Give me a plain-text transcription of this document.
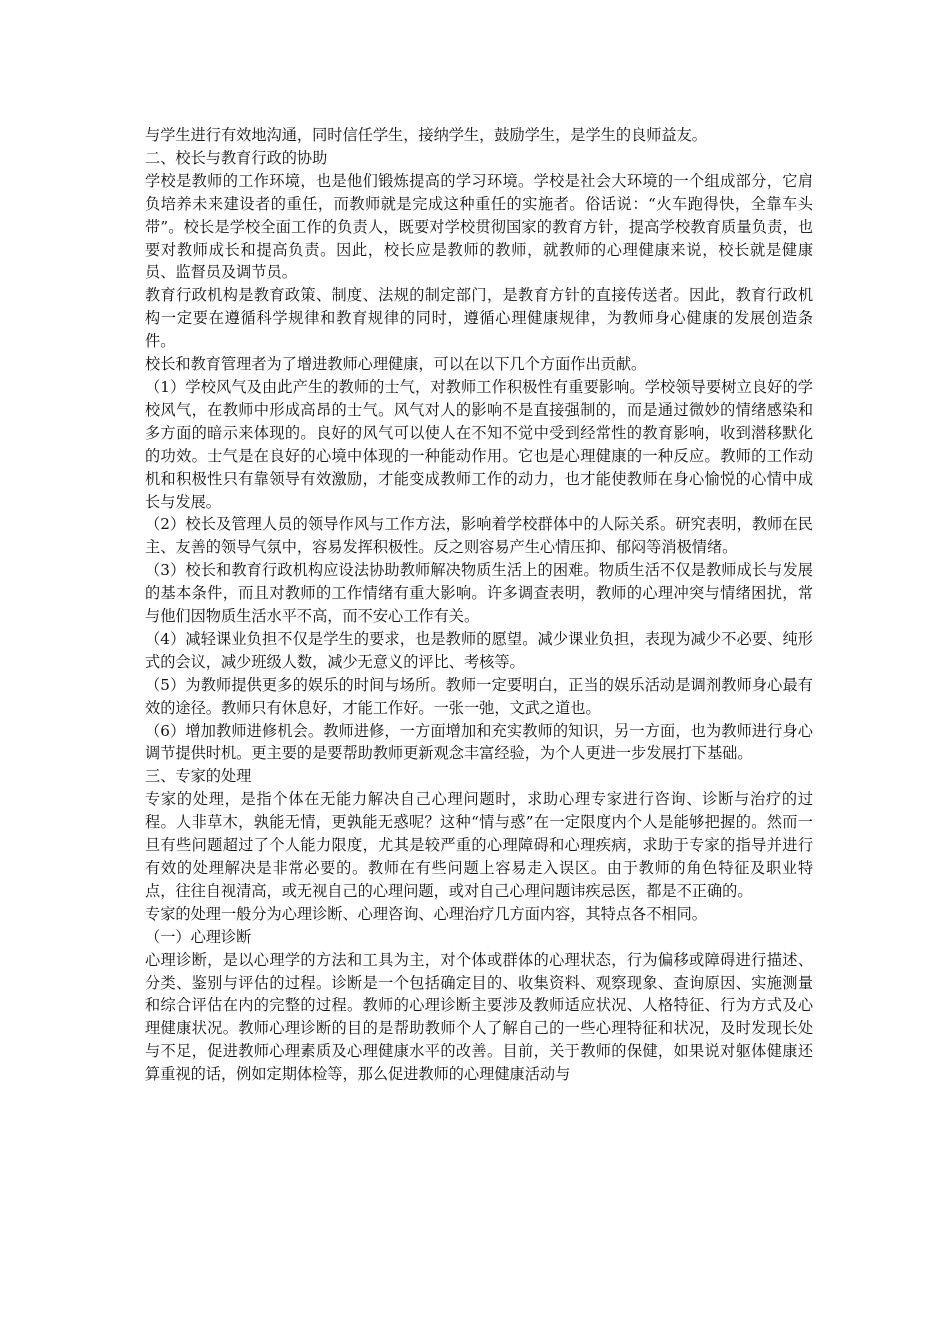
与学生进行有效地沟通，同时信任学生，接纳学生，鼓励学生，是学生的良师益友。

二、校长与教育行政的协助

学校是教师的工作环境，也是他们锻炼提高的学习环境。学校是社会大环境的一个组成部分，它肩负培养未来建设者的重任，而教师就是完成这种重任的实施者。俗话说：“火车跑得快，全靠车头带”。校长是学校全面工作的负责人，既要对学校贯彻国家的教育方针，提高学校教育质量负责，也要对教师成长和提高负责。因此，校长应是教师的教师，就教师的心理健康来说，校长就是健康员、监督员及调节员。

教育行政机构是教育政策、制度、法规的制定部门，是教育方针的直接传送者。因此，教育行政机构一定要在遵循科学规律和教育规律的同时，遵循心理健康规律，为教师身心健康的发展创造条件。

校长和教育管理者为了增进教师心理健康，可以在以下几个方面作出贡献。

（1）学校风气及由此产生的教师的士气，对教师工作积极性有重要影响。学校领导要树立良好的学校风气，在教师中形成高昂的士气。风气对人的影响不是直接强制的，而是通过微妙的情绪感染和多方面的暗示来体现的。良好的风气可以使人在不知不觉中受到经常性的教育影响，收到潜移默化的功效。士气是在良好的心境中体现的一种能动作用。它也是心理健康的一种反应。教师的工作动机和积极性只有靠领导有效激励，才能变成教师工作的动力，也才能使教师在身心愉悦的心情中成长与发展。

（2）校长及管理人员的领导作风与工作方法，影响着学校群体中的人际关系。研究表明，教师在民主、友善的领导气氛中，容易发挥积极性。反之则容易产生心情压抑、郁闷等消极情绪。

（3）校长和教育行政机构应设法协助教师解决物质生活上的困难。物质生活不仅是教师成长与发展的基本条件，而且对教师的工作情绪有重大影响。许多调查表明，教师的心理冲突与情绪困扰，常与他们因物质生活水平不高，而不安心工作有关。

（4）减轻课业负担不仅是学生的要求，也是教师的愿望。减少课业负担，表现为减少不必要、纯形式的会议，减少班级人数，减少无意义的评比、考核等。

（5）为教师提供更多的娱乐的时间与场所。教师一定要明白，正当的娱乐活动是调剂教师身心最有效的途径。教师只有休息好，才能工作好。一张一弛，文武之道也。

（6）增加教师进修机会。教师进修，一方面增加和充实教师的知识，另一方面，也为教师进行身心调节提供时机。更主要的是要帮助教师更新观念丰富经验，为个人更进一步发展打下基础。

三、专家的处理

专家的处理，是指个体在无能力解决自己心理问题时，求助心理专家进行咨询、诊断与治疗的过程。人非草木，孰能无情，更孰能无惑呢？这种“情与惑”在一定限度内个人是能够把握的。然而一旦有些问题超过了个人能力限度，尤其是较严重的心理障碍和心理疾病，求助于专家的指导并进行有效的处理解决是非常必要的。教师在有些问题上容易走入误区。由于教师的角色特征及职业特点，往往自视清高，或无视自己的心理问题，或对自己心理问题讳疾忌医，都是不正确的。

专家的处理一般分为心理诊断、心理咨询、心理治疗几方面内容，其特点各不相同。

（一）心理诊断

心理诊断，是以心理学的方法和工具为主，对个体或群体的心理状态，行为偏移或障碍进行描述、分类、鉴别与评估的过程。诊断是一个包括确定目的、收集资料、观察现象、查询原因、实施测量和综合评估在内的完整的过程。教师的心理诊断主要涉及教师适应状况、人格特征、行为方式及心理健康状况。教师心理诊断的目的是帮助教师个人了解自己的一些心理特征和状况，及时发现长处与不足，促进教师心理素质及心理健康水平的改善。目前，关于教师的保健，如果说对躯体健康还算重视的话，例如定期体检等，那么促进教师的心理健康活动与
